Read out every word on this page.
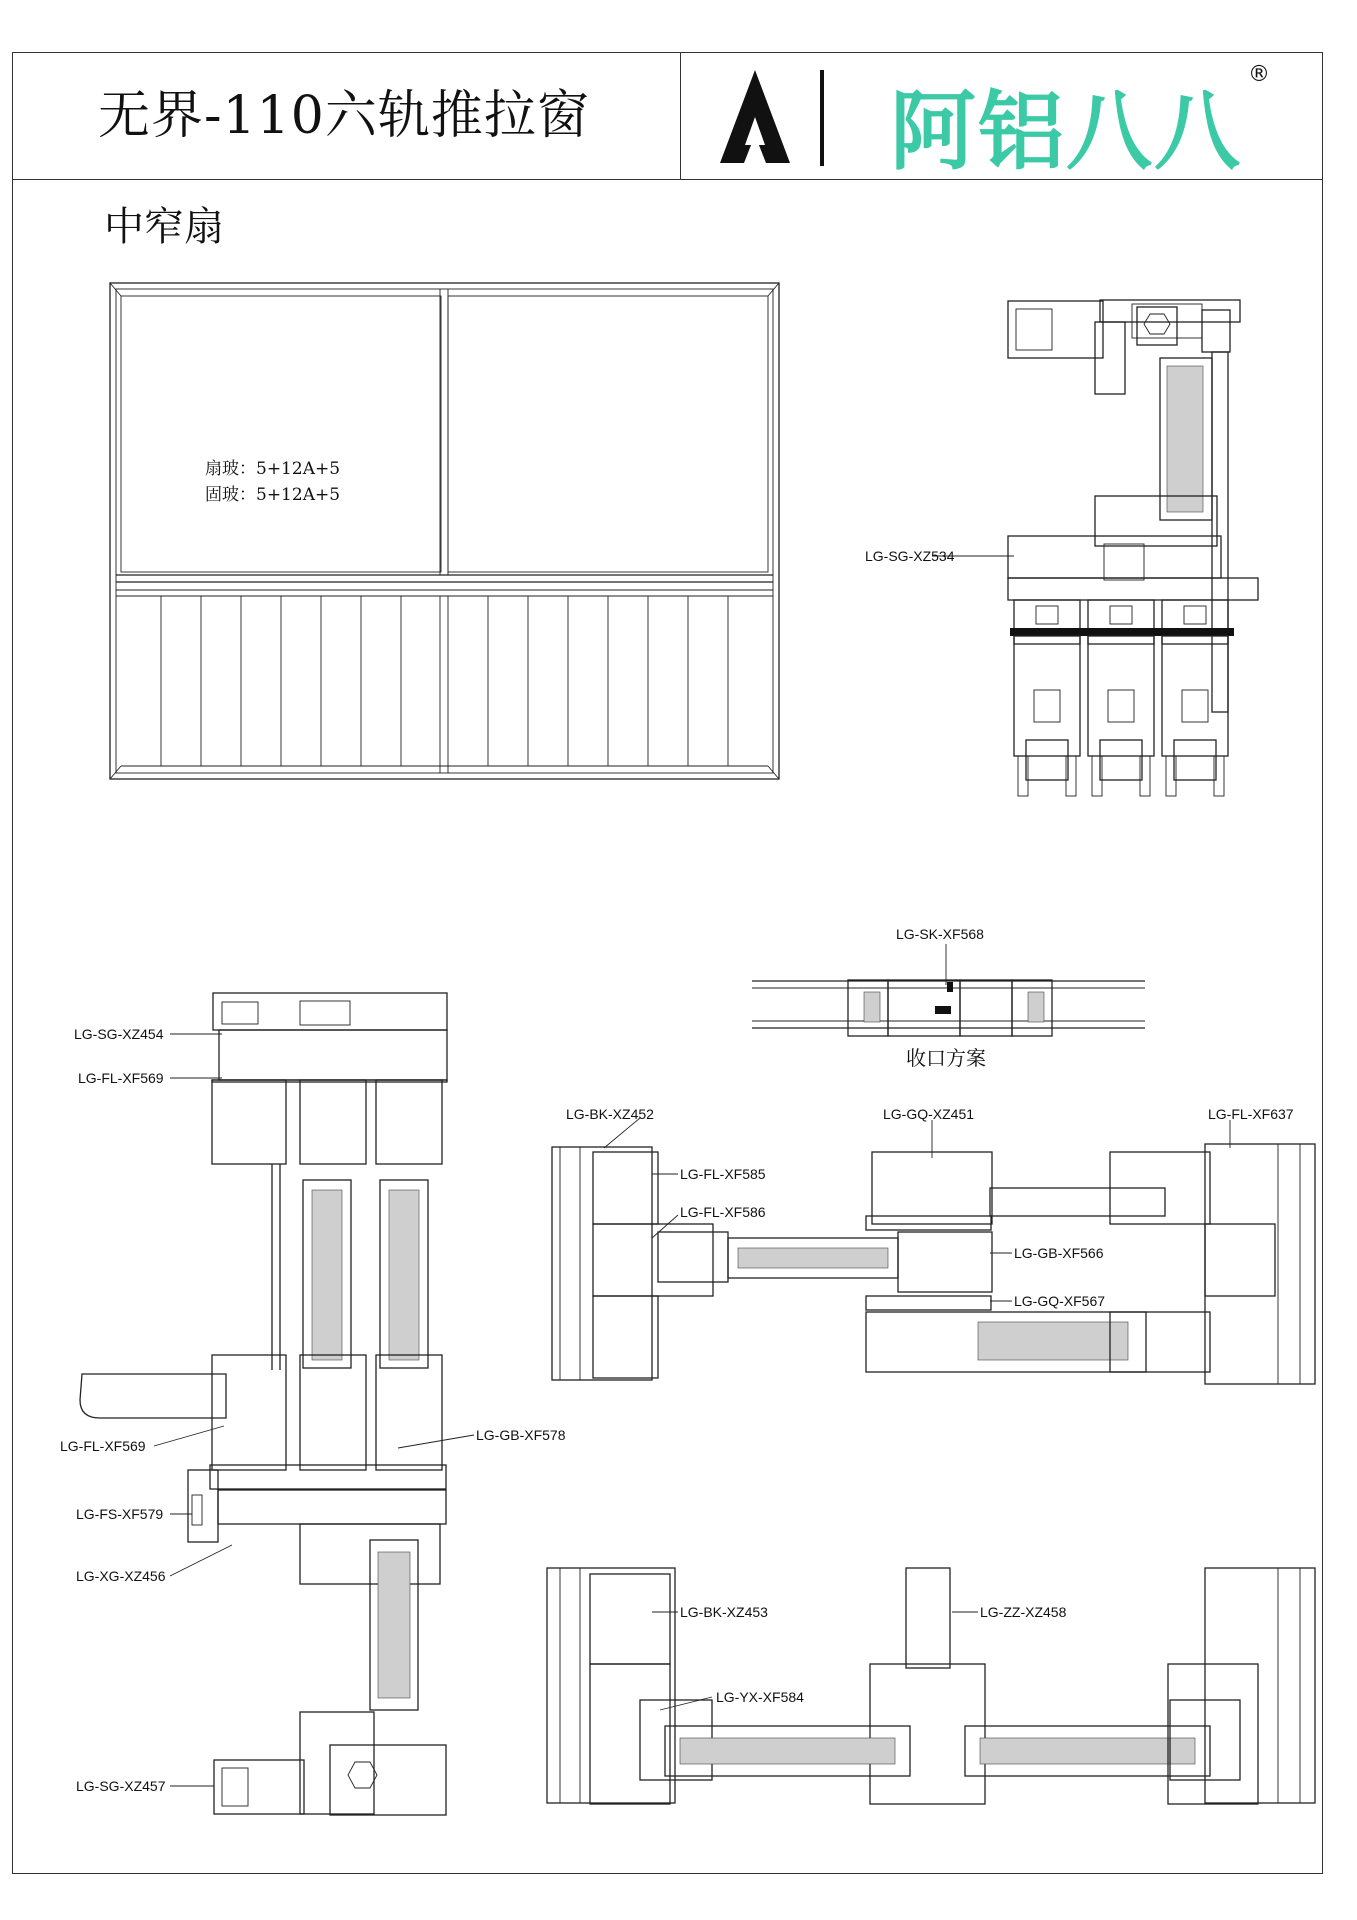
无界-110六轨推拉窗
中窄扇
阿铝八八
®
扇玻：5+12A+5
固玻：5+12A+5
收口方案
LG-SG-XZ534
LG-SK-XF568
LG-SG-XZ454
LG-FL-XF569
LG-BK-XZ452	LG-GQ-XZ451	LG-FL-XF637
LG-FL-XF585
LG-FL-XF586
LG-GB-XF566
LG-GQ-XF567
LG-FL-XF569
LG-GB-XF578
LG-FS-XF579
LG-XG-XZ456
LG-SG-XZ457
LG-BK-XZ453	LG-ZZ-XZ458
LG-YX-XF584
